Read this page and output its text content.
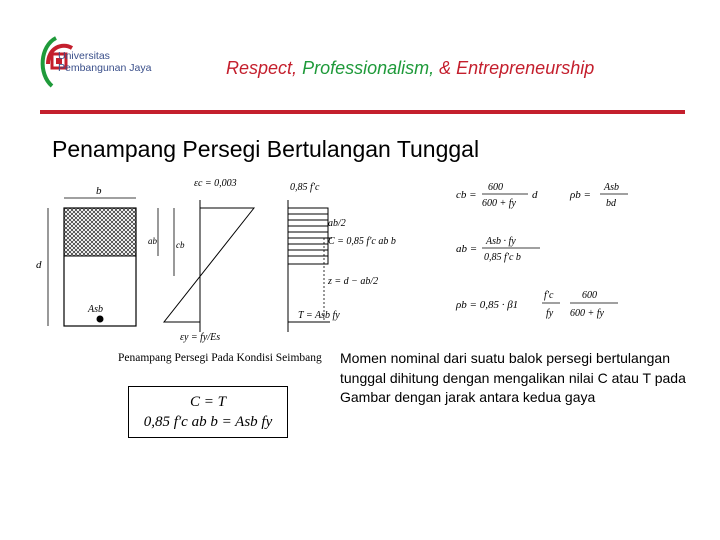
Universitas
Pembangunan Jaya	Respect, Professionalism, & Entrepreneurship
Penampang Persegi Bertulangan Tunggal
b
d
ab cb
Asb
εc = 0,003
εy = fy/Es
0,85 f′c
ab/2
C = 0,85 f′c ab b
z = d − ab/2
T = Asb fy
Penampang Persegi Pada Kondisi Seimbang
C = T
0,85 f′c ab b = Asb fy
cb =
600
600 + fy
d	ρb =
Asb
bd
ab =
Asb · fy
0,85 f′c b
ρb = 0,85 · β1
f′c
fy
600
600 + fy
Momen nominal dari suatu balok persegi bertulangan tunggal dihitung dengan mengalikan nilai C atau T pada Gambar dengan jarak antara kedua gaya
